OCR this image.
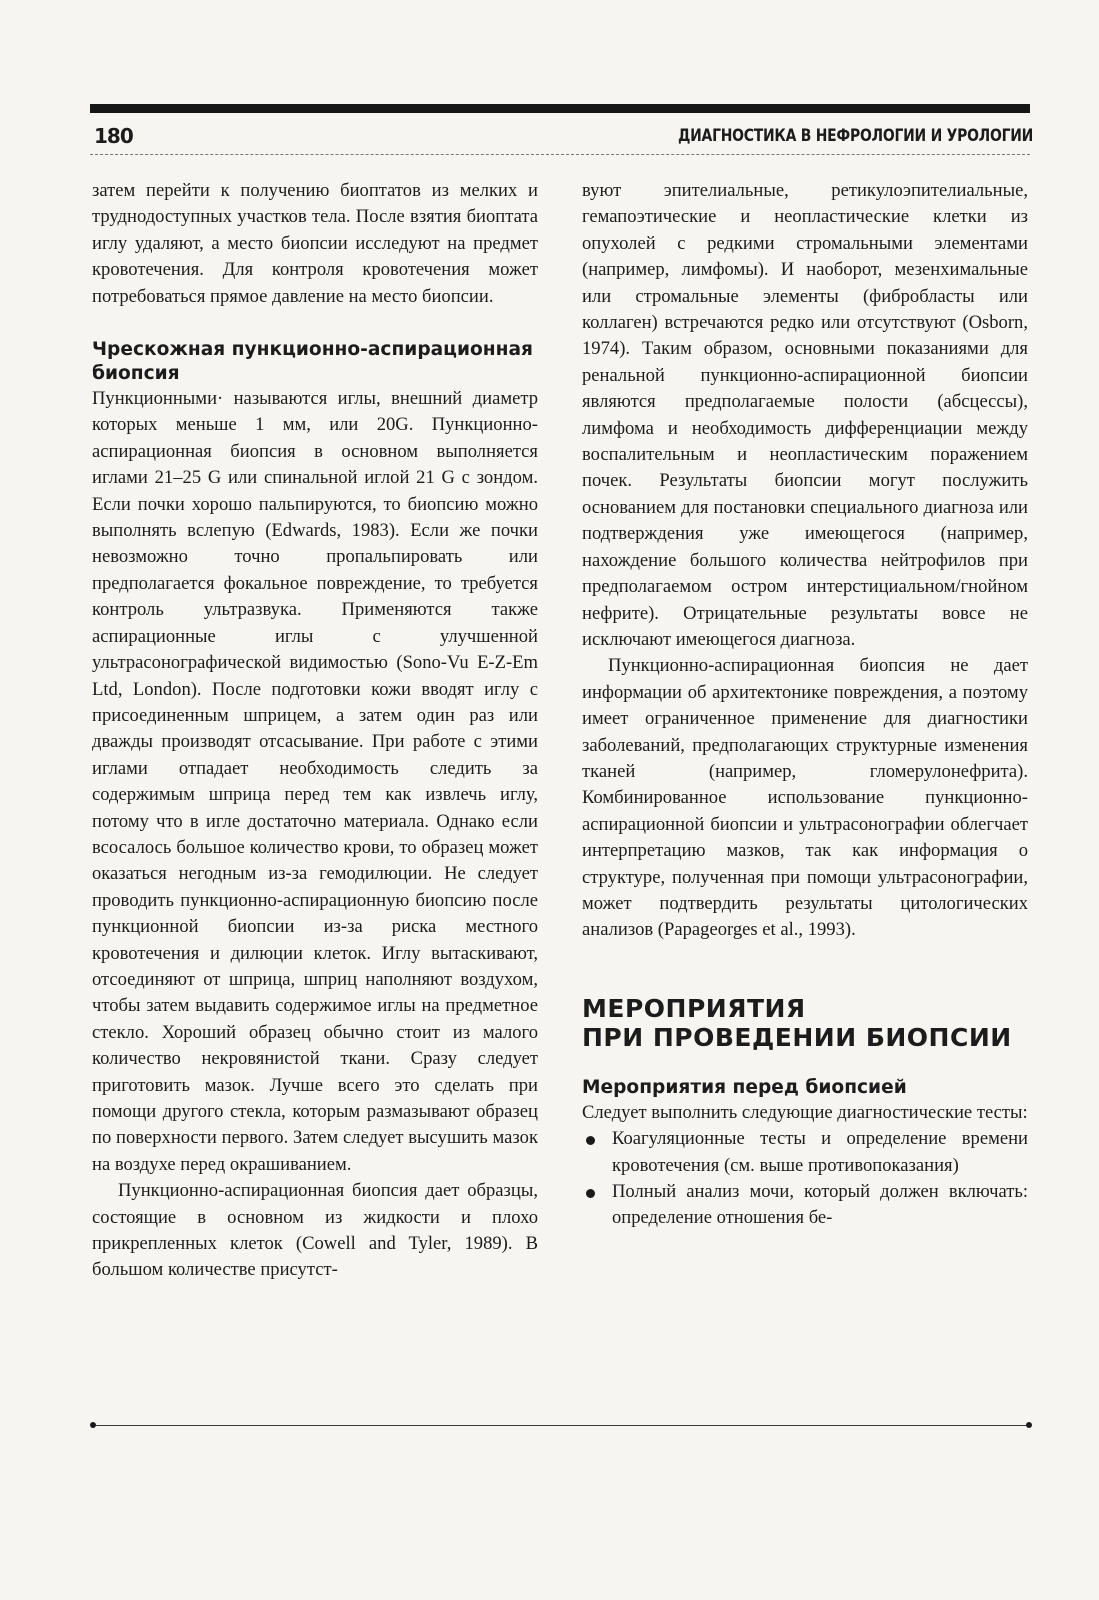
180	ДИАГНОСТИКА В НЕФРОЛОГИИ И УРОЛОГИИ

затем перейти к получению биоптатов из мелких и труднодоступных участков тела. После взятия биоптата иглу удаляют, а место биопсии исследуют на предмет кровотечения. Для контроля кровотечения может потребоваться прямое давление на место биопсии.

Чрескожная пункционно-аспирационная биопсия

Пункционными· называются иглы, внешний диаметр которых меньше 1 мм, или 20G. Пункционно-аспирационная биопсия в основном выполняется иглами 21–25 G или спинальной иглой 21 G с зондом. Если почки хорошо пальпируются, то биопсию можно выполнять вслепую (Edwards, 1983). Если же почки невозможно точно пропальпировать или предполагается фокальное повреждение, то требуется контроль ультразвука. Применяются также аспирационные иглы с улучшенной ультрасонографической видимостью (Sono-Vu E-Z-Em Ltd, London). После подготовки кожи вводят иглу с присоединенным шприцем, а затем один раз или дважды производят отсасывание. При работе с этими иглами отпадает необходимость следить за содержимым шприца перед тем как извлечь иглу, потому что в игле достаточно материала. Однако если всосалось большое количество крови, то образец может оказаться негодным из-за гемодилюции. Не следует проводить пункционно-аспирационную биопсию после пункционной биопсии из-за риска местного кровотечения и дилюции клеток. Иглу вытаскивают, отсоединяют от шприца, шприц наполняют воздухом, чтобы затем выдавить содержимое иглы на предметное стекло. Хороший образец обычно стоит из малого количество некровянистой ткани. Сразу следует приготовить мазок. Лучше всего это сделать при помощи другого стекла, которым размазывают образец по поверхности первого. Затем следует высушить мазок на воздухе перед окрашиванием.

Пункционно-аспирационная биопсия дает образцы, состоящие в основном из жидкости и плохо прикрепленных клеток (Cowell and Tyler, 1989). В большом количестве присутст-

вуют эпителиальные, ретикулоэпителиальные, гемапоэтические и неопластические клетки из опухолей с редкими стромальными элементами (например, лимфомы). И наоборот, мезенхимальные или стромальные элементы (фибробласты или коллаген) встречаются редко или отсутствуют (Osborn, 1974). Таким образом, основными показаниями для ренальной пункционно-аспирационной биопсии являются предполагаемые полости (абсцессы), лимфома и необходимость дифференциации между воспалительным и неопластическим поражением почек. Результаты биопсии могут послужить основанием для постановки специального диагноза или подтверждения уже имеющегося (например, нахождение большого количества нейтрофилов при предполагаемом остром интерстициальном/гнойном нефрите). Отрицательные результаты вовсе не исключают имеющегося диагноза.

Пункционно-аспирационная биопсия не дает информации об архитектонике повреждения, а поэтому имеет ограниченное применение для диагностики заболеваний, предполагающих структурные изменения тканей (например, гломерулонефрита). Комбинированное использование пункционно-аспирационной биопсии и ультрасонографии облегчает интерпретацию мазков, так как информация о структуре, полученная при помощи ультрасонографии, может подтвердить результаты цитологических анализов (Papageorges et al., 1993).

МЕРОПРИЯТИЯ
ПРИ ПРОВЕДЕНИИ БИОПСИИ
Мероприятия перед биопсией

Следует выполнить следующие диагностические тесты:

Коагуляционные тесты и определение времени кровотечения (см. выше противопоказания)
Полный анализ мочи, который должен включать: определение отношения бе-
